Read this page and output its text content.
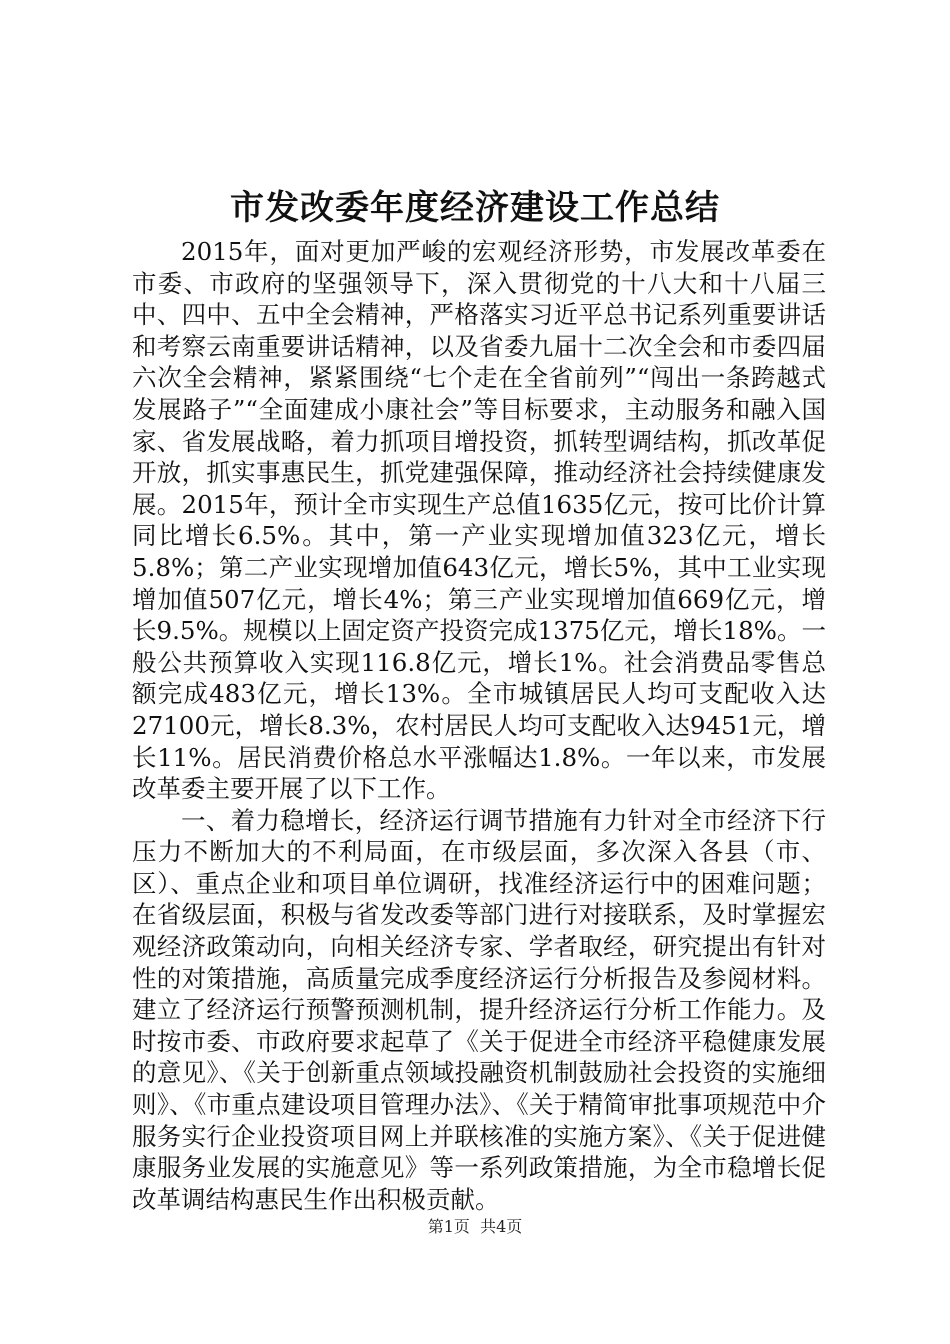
市发改委年度经济建设工作总结

2015年，面对更加严峻的宏观经济形势，市发展改革委在市委、市政府的坚强领导下，深入贯彻党的十八大和十八届三中、四中、五中全会精神，严格落实习近平总书记系列重要讲话和考察云南重要讲话精神，以及省委九届十二次全会和市委四届六次全会精神，紧紧围绕“七个走在全省前列”“闯出一条跨越式发展路子”“全面建成小康社会”等目标要求，主动服务和融入国家、省发展战略，着力抓项目增投资，抓转型调结构，抓改革促开放，抓实事惠民生，抓党建强保障，推动经济社会持续健康发展。2015年，预计全市实现生产总值1635亿元，按可比价计算同比增长6.5%。其中，第一产业实现增加值323亿元，增长5.8%；第二产业实现增加值643亿元，增长5%，其中工业实现增加值507亿元，增长4%；第三产业实现增加值669亿元，增长9.5%。规模以上固定资产投资完成1375亿元，增长18%。一般公共预算收入实现116.8亿元，增长1%。社会消费品零售总额完成483亿元，增长13%。全市城镇居民人均可支配收入达27100元，增长8.3%，农村居民人均可支配收入达9451元，增长11%。居民消费价格总水平涨幅达1.8%。一年以来，市发展改革委主要开展了以下工作。

一、着力稳增长，经济运行调节措施有力针对全市经济下行压力不断加大的不利局面，在市级层面，多次深入各县（市、区）、重点企业和项目单位调研，找准经济运行中的困难问题；在省级层面，积极与省发改委等部门进行对接联系，及时掌握宏观经济政策动向，向相关经济专家、学者取经，研究提出有针对性的对策措施，高质量完成季度经济运行分析报告及参阅材料。建立了经济运行预警预测机制，提升经济运行分析工作能力。及时按市委、市政府要求起草了《关于促进全市经济平稳健康发展的意见》、《关于创新重点领域投融资机制鼓励社会投资的实施细则》、《市重点建设项目管理办法》、《关于精简审批事项规范中介服务实行企业投资项目网上并联核准的实施方案》、《关于促进健康服务业发展的实施意见》等一系列政策措施，为全市稳增长促改革调结构惠民生作出积极贡献。

第1页  共4页
